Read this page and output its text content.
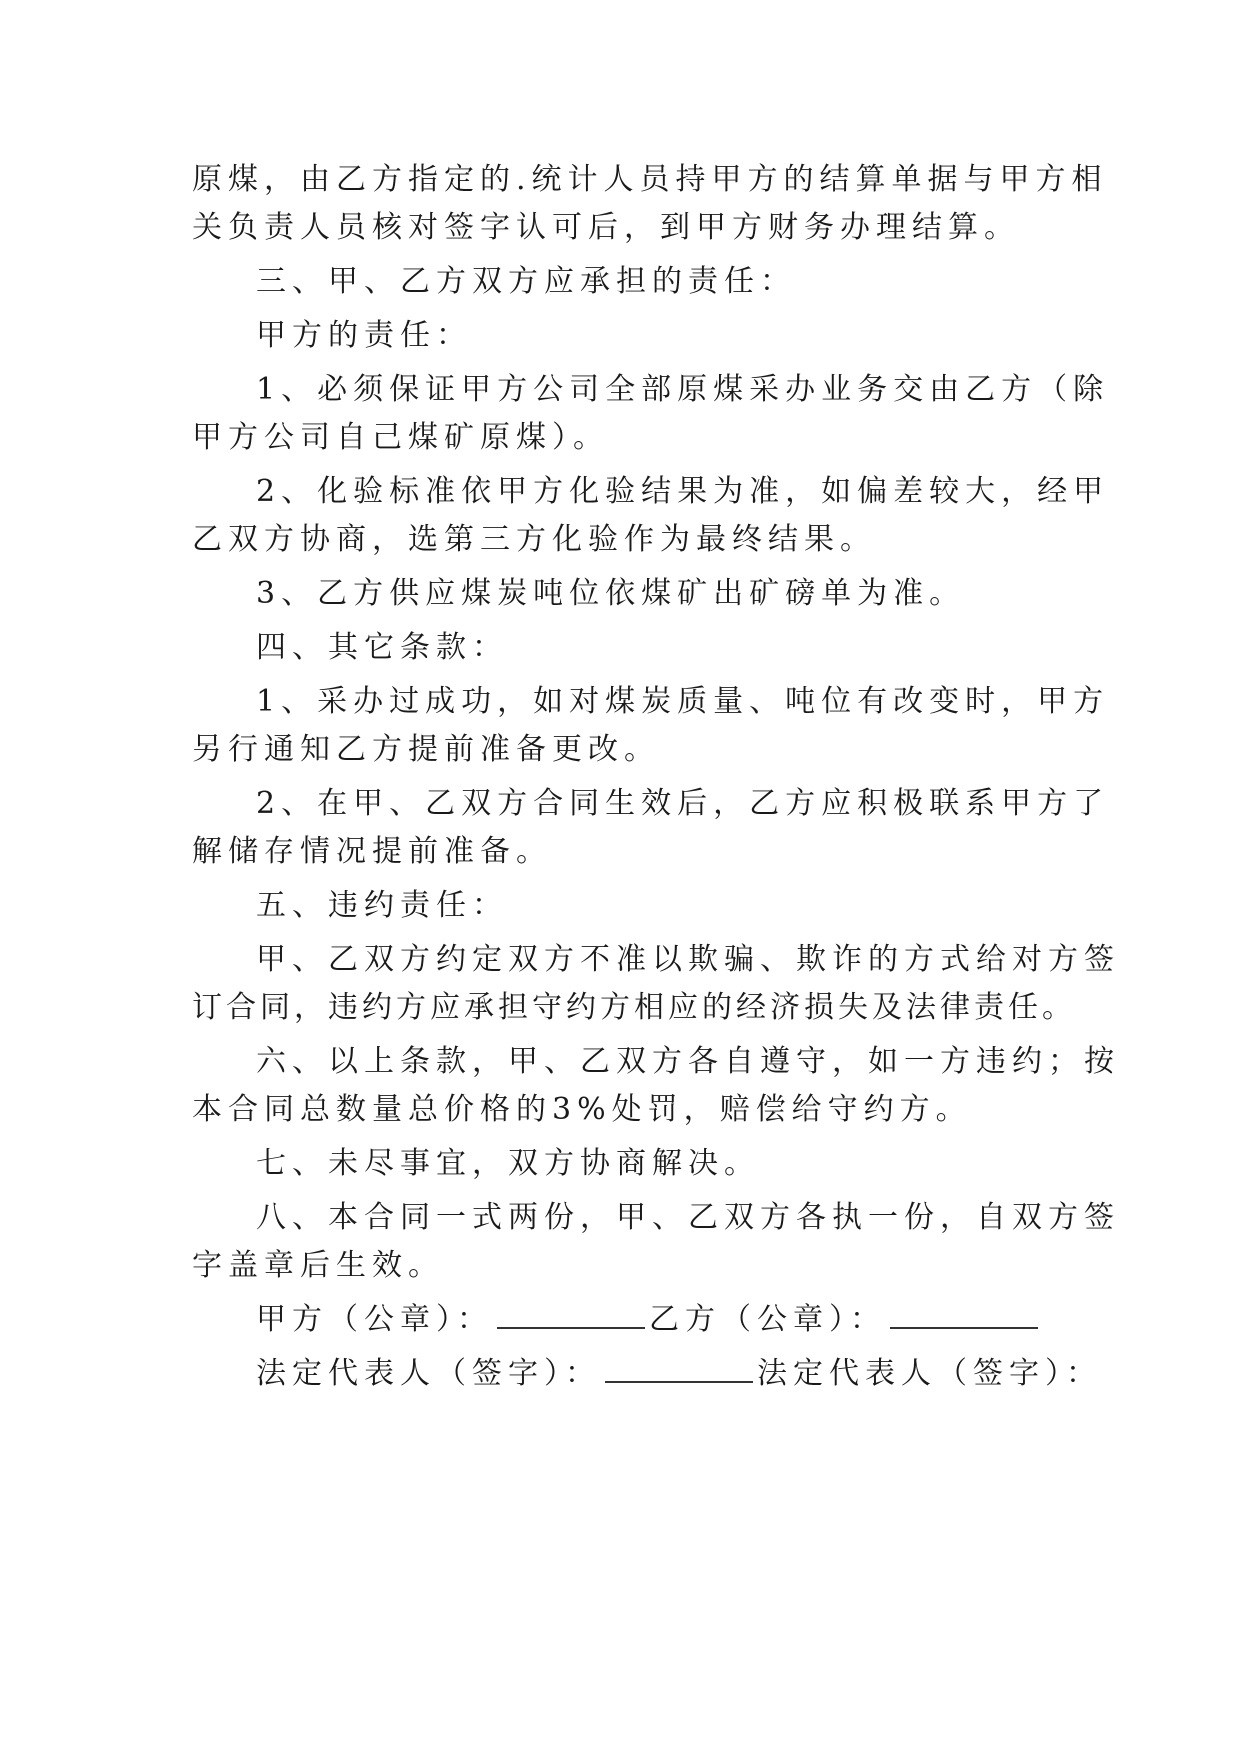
原煤，由乙方指定的.统计人员持甲方的结算单据与甲方相
关负责人员核对签字认可后，到甲方财务办理结算。
三、甲、乙方双方应承担的责任：
甲方的责任：
1、必须保证甲方公司全部原煤采办业务交由乙方（除
甲方公司自己煤矿原煤）。
2、化验标准依甲方化验结果为准，如偏差较大，经甲
乙双方协商，选第三方化验作为最终结果。
3、乙方供应煤炭吨位依煤矿出矿磅单为准。
四、其它条款：
1、采办过成功，如对煤炭质量、吨位有改变时，甲方
另行通知乙方提前准备更改。
2、在甲、乙双方合同生效后，乙方应积极联系甲方了
解储存情况提前准备。
五、违约责任：
甲、乙双方约定双方不准以欺骗、欺诈的方式给对方签
订合同，违约方应承担守约方相应的经济损失及法律责任。
六、以上条款，甲、乙双方各自遵守，如一方违约；按
本合同总数量总价格的3%处罚，赔偿给守约方。
七、未尽事宜，双方协商解决。
八、本合同一式两份，甲、乙双方各执一份，自双方签
字盖章后生效。
甲方（公章）：	乙方（公章）：
法定代表人（签字）：	法定代表人（签字）：
